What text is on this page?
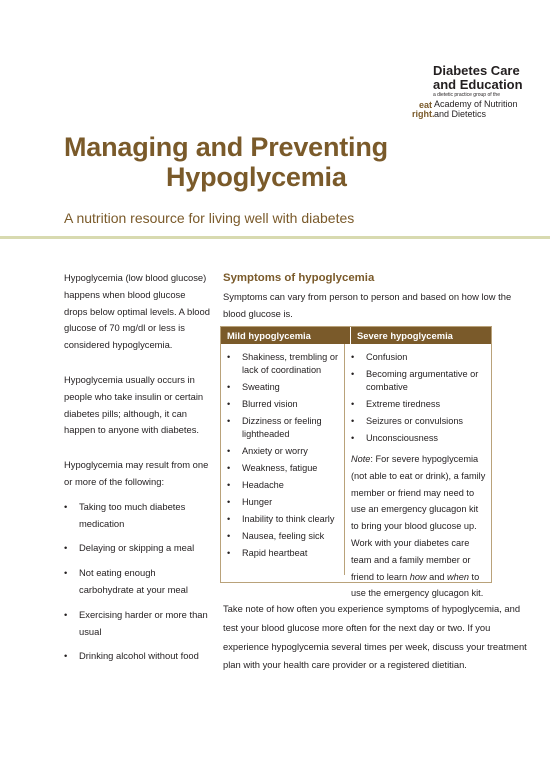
Diabetes Care
and Education
a dietetic practice group of the
eat right.
Academy of Nutrition
and Dietetics
Managing and Preventing
Hypoglycemia
A nutrition resource for living well with diabetes

Hypoglycemia (low blood glucose) happens when blood glucose drops below optimal levels. A blood glucose of 70 mg/dl or less is considered hypoglycemia.

Hypoglycemia usually occurs in people who take insulin or certain diabetes pills; although, it can happen to anyone with diabetes.

Hypoglycemia may result from one or more of the following:

• Taking too much diabetes medication
• Delaying or skipping a meal
• Not eating enough carbohydrate at your meal
• Exercising harder or more than usual
• Drinking alcohol without food
Symptoms of hypoglycemia
Symptoms can vary from person to person and based on how low the blood glucose is.
Mild hypoglycemia	Severe hypoglycemia
• Shakiness, trembling or lack of coordination
• Sweating
• Blurred vision
• Dizziness or feeling lightheaded
• Anxiety or worry
• Weakness, fatigue
• Headache
• Hunger
• Inability to think clearly
• Nausea, feeling sick
• Rapid heartbeat
• Confusion
• Becoming argumentative or combative
• Extreme tiredness
• Seizures or convulsions
• Unconsciousness
Note: For severe hypoglycemia (not able to eat or drink), a family member or friend may need to use an emergency glucagon kit to bring your blood glucose up. Work with your diabetes care team and a family member or friend to learn how and when to use the emergency glucagon kit.
Take note of how often you experience symptoms of hypoglycemia, and test your blood glucose more often for the next day or two. If you experience hypoglycemia several times per week, discuss your treatment plan with your health care provider or a registered dietitian.
